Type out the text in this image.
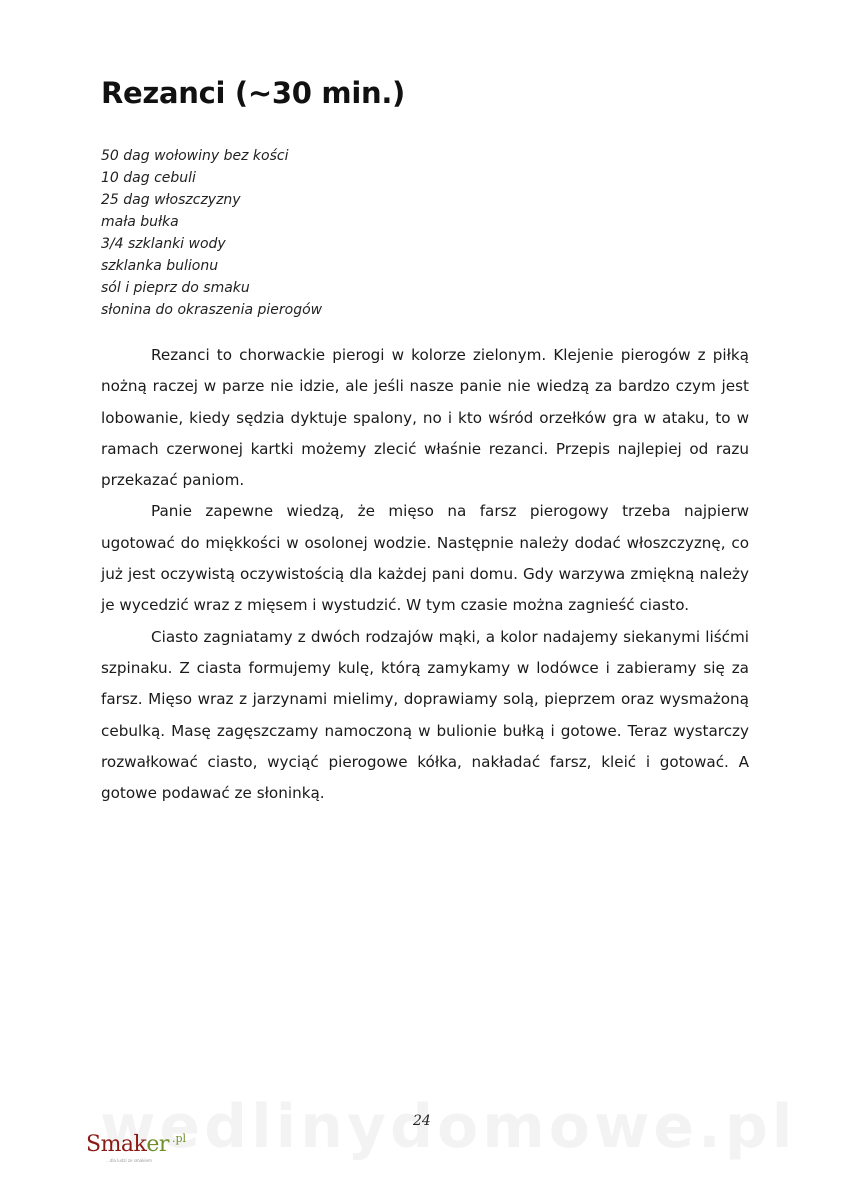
Rezanci (~30 min.)
50 dag wołowiny bez kości
10 dag cebuli
25 dag włoszczyzny
mała bułka
3/4 szklanki wody
szklanka bulionu
sól i pieprz do smaku
słonina do okraszenia pierogów

Rezanci to chorwackie pierogi w kolorze zielonym. Klejenie pierogów z piłką nożną raczej w parze nie idzie, ale jeśli nasze panie nie wiedzą za bardzo czym jest lobowanie, kiedy sędzia dyktuje spalony, no i kto wśród orzełków gra w ataku, to w ramach czerwonej kartki możemy zlecić właśnie rezanci. Przepis najlepiej od razu przekazać paniom.

Panie zapewne wiedzą, że mięso na farsz pierogowy trzeba najpierw ugotować do miękkości w osolonej wodzie. Następnie należy dodać włoszczyznę, co już jest oczywistą oczywistością dla każdej pani domu. Gdy warzywa zmiękną należy je wycedzić wraz z mięsem i wystudzić. W tym czasie można zagnieść ciasto.

Ciasto zagniatamy z dwóch rodzajów mąki, a kolor nadajemy siekanymi liśćmi szpinaku. Z ciasta formujemy kulę, którą zamykamy w lodówce i zabieramy się za farsz. Mięso wraz z jarzynami mielimy, doprawiamy solą, pieprzem oraz wysmażoną cebulką. Masę zagęszczamy namoczoną w bulionie bułką i gotowe. Teraz wystarczy rozwałkować ciasto, wyciąć pierogowe kółka, nakładać farsz, kleić i gotować. A gotowe podawać ze słoninką.

24
Smaker .pl
...dla ludzi ze smakiem
